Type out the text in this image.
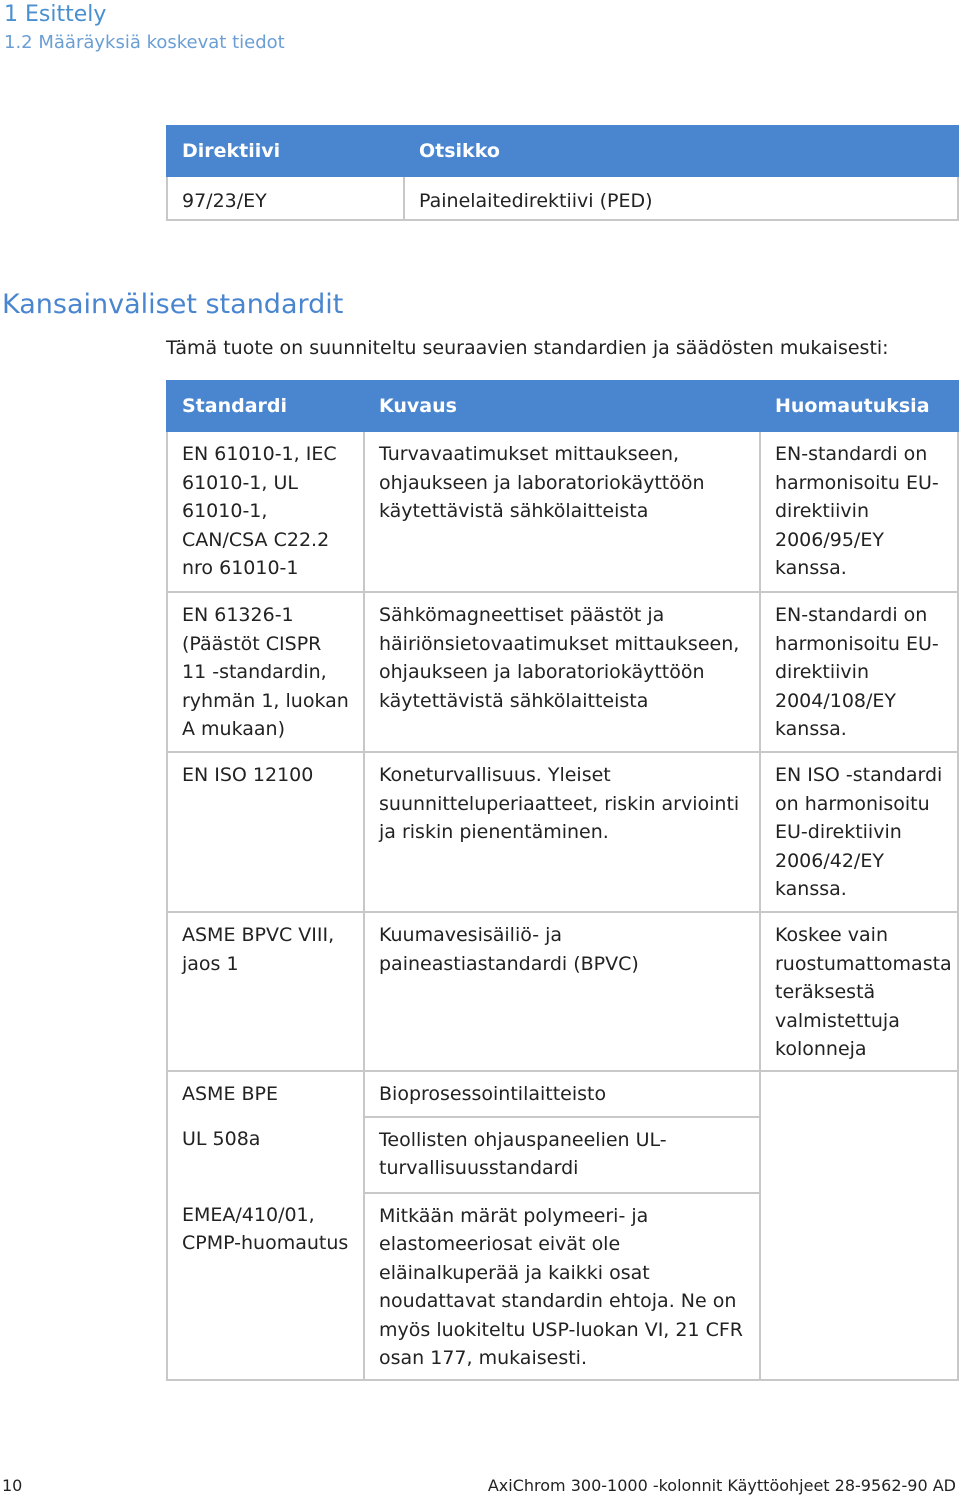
1 Esittely
1.2 Määräyksiä koskevat tiedot
Direktiivi	Otsikko
97/23/EY	Painelaitedirektiivi (PED)
Kansainväliset standardit
Tämä tuote on suunniteltu seuraavien standardien ja säädösten mukaisesti:
Standardi	Kuvaus	Huomautuksia
EN 61010-1, IEC 61010-1, UL 61010-1, CAN/CSA C22.2 nro 61010-1	Turvavaatimukset mittaukseen, ohjaukseen ja laboratoriokäyttöön käytettävistä sähkölaitteista	EN-standardi on harmonisoitu EU-direktiivin 2006/95/EY kanssa.
EN 61326-1 (Päästöt CISPR 11 -standardin, ryhmän 1, luokan A mukaan)	Sähkömagneettiset päästöt ja häiriönsietovaatimukset mittaukseen, ohjaukseen ja laboratoriokäyttöön käytettävistä sähkölaitteista	EN-standardi on harmonisoitu EU-direktiivin 2004/108/EY kanssa.
EN ISO 12100	Koneturvallisuus. Yleiset suunnitteluperiaatteet, riskin arviointi ja riskin pienentäminen.	EN ISO -standardi on harmonisoitu EU-direktiivin 2006/42/EY kanssa.
ASME BPVC VIII, jaos 1	Kuumavesisäiliö- ja paineastiastandardi (BPVC)	Koskee vain ruostumattomasta teräksestä valmistettuja kolonneja
ASME BPE	Bioprosessointilaitteisto	
UL 508a	Teollisten ohjauspaneelien UL-turvallisuusstandardi	
EMEA/410/01, CPMP-huomautus	Mitkään märät polymeeri- ja elastomeeriosat eivät ole eläinalkuperää ja kaikki osat noudattavat standardin ehtoja. Ne on myös luokiteltu USP-luokan VI, 21 CFR osan 177, mukaisesti.	
10	AxiChrom 300-1000 -kolonnit Käyttöohjeet 28-9562-90 AD
